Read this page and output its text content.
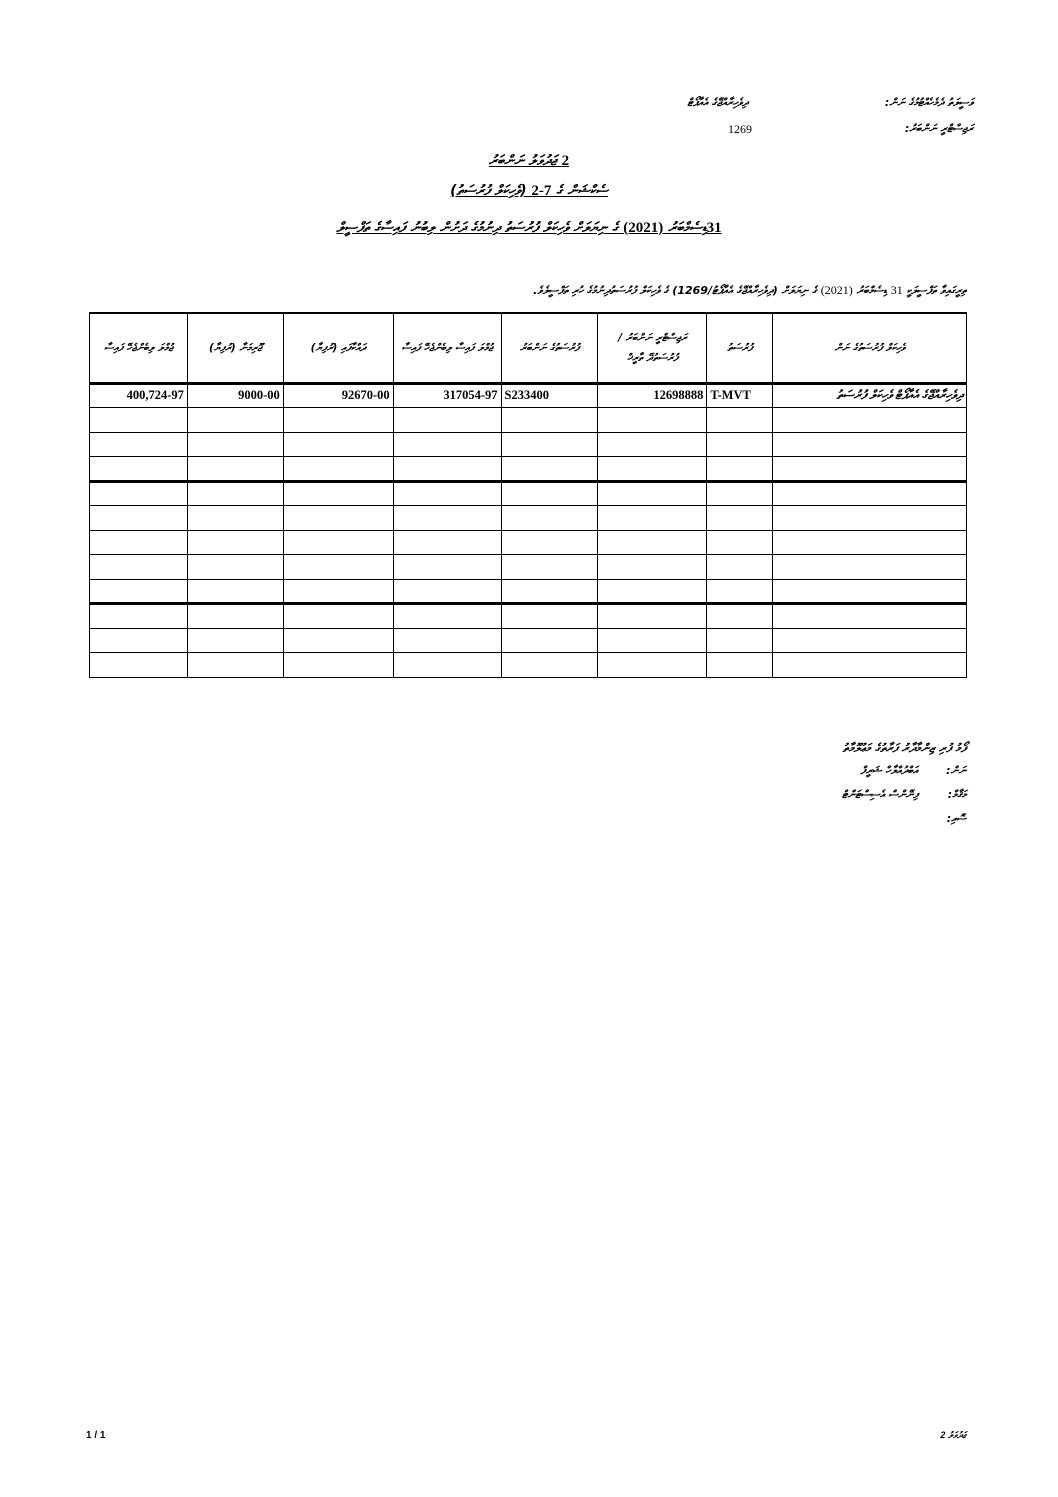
ވަސީލަތު ދެމެހެއްޓުމުގެ ނަން:
ދިވެހިރާއްޖޭގެ އެއާޕޯޓް
ރަޖިސްޓްރީ ނަންބަރު:
1269
ޖަދުވަލު ނަންބަރު 2
(ވެހިކަލް ފުރުސަތު) 2-7 ސެކްޝަން ގެ
ގެ ނިޔަލަށް ވެހިކަލް ފުރުސަތު ދިނުމުގެ ދަށުން ލިބުނު ފައިސާގެ ތަފްސީލް (2021) ޑިސެމްބަރު31
ތިރީގައިވާ ތަފްސީލަކީ 31 ޑިސެމްބަރު (2021) ގެ ނިޔަލަށް (ދިވެހިރާއްޖޭގެ އެއާޕޯޓު/1269) ގެ ވެހިކަލް ފުރުސަތުދިނުމުގެ ހުރި ތަފްސީލެވެ.
ޖުމްލަ ލިބެންޖެހޭ ފައިސާ	ޖޫރިމަނާ (ރުފިޔާ)	ދައްކާފައި (ރުފިޔާ)	ޖުމްލަ ފައިސާ ލިބެންޖެހޭ ފައިސާ	ފުރުސަތުގެ ނަންބަރު	ރަޖިސްޓްރީ ނަންބަރު / ފުރުސަތުދޭ ތާރީޚް	ފުރުސަތު	ވެހިކަލް ފުރުސަތުގެ ނަން
400,724-97	9000-00	92670-00	317054-97	S233400	12698888	T-MVT	ދިވެހިރާއްޖޭގެ އެއާޕޯޓް ވެހިކަލް ފުރުސަތު

ފޯމު ފުރި ޒިންމާދާރު ފަރާތުގެ މަޢުލޫމާތު
ނަން:
އަބްދުއްލާހް ޝަރީފް
މަޤާމް:
ފިނޭންސް އެސިސްޓަންޓް
ސޮއި:
1 / 1	ޖަދުވަލު 2
